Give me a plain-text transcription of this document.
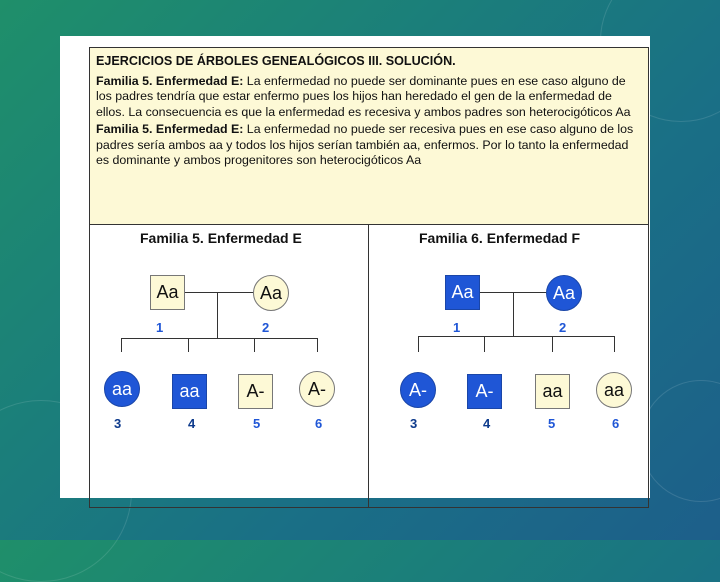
EJERCICIOS DE ÁRBOLES GENEALÓGICOS III. SOLUCIÓN.

Familia 5. Enfermedad E: La enfermedad no puede ser dominante pues en ese caso alguno de los padres tendría que estar enfermo pues los hijos han heredado el gen de la enfermedad de ellos. La consecuencia es que la enfermedad es recesiva y ambos padres son heterocigóticos Aa

Familia 5. Enfermedad E: La enfermedad no puede ser recesiva pues en ese caso alguno de los padres sería ambos aa y todos los hijos serían también aa, enfermos. Por lo tanto la enfermedad es dominante y ambos progenitores son heterocigóticos Aa

Familia 5. Enfermedad E
Aa	Aa
1	2
aa	aa	A- A-
3	4	5	6
Familia 6. Enfermedad F
Aa	Aa
1	2
A-	A-	aa aa
3	4	5	6
